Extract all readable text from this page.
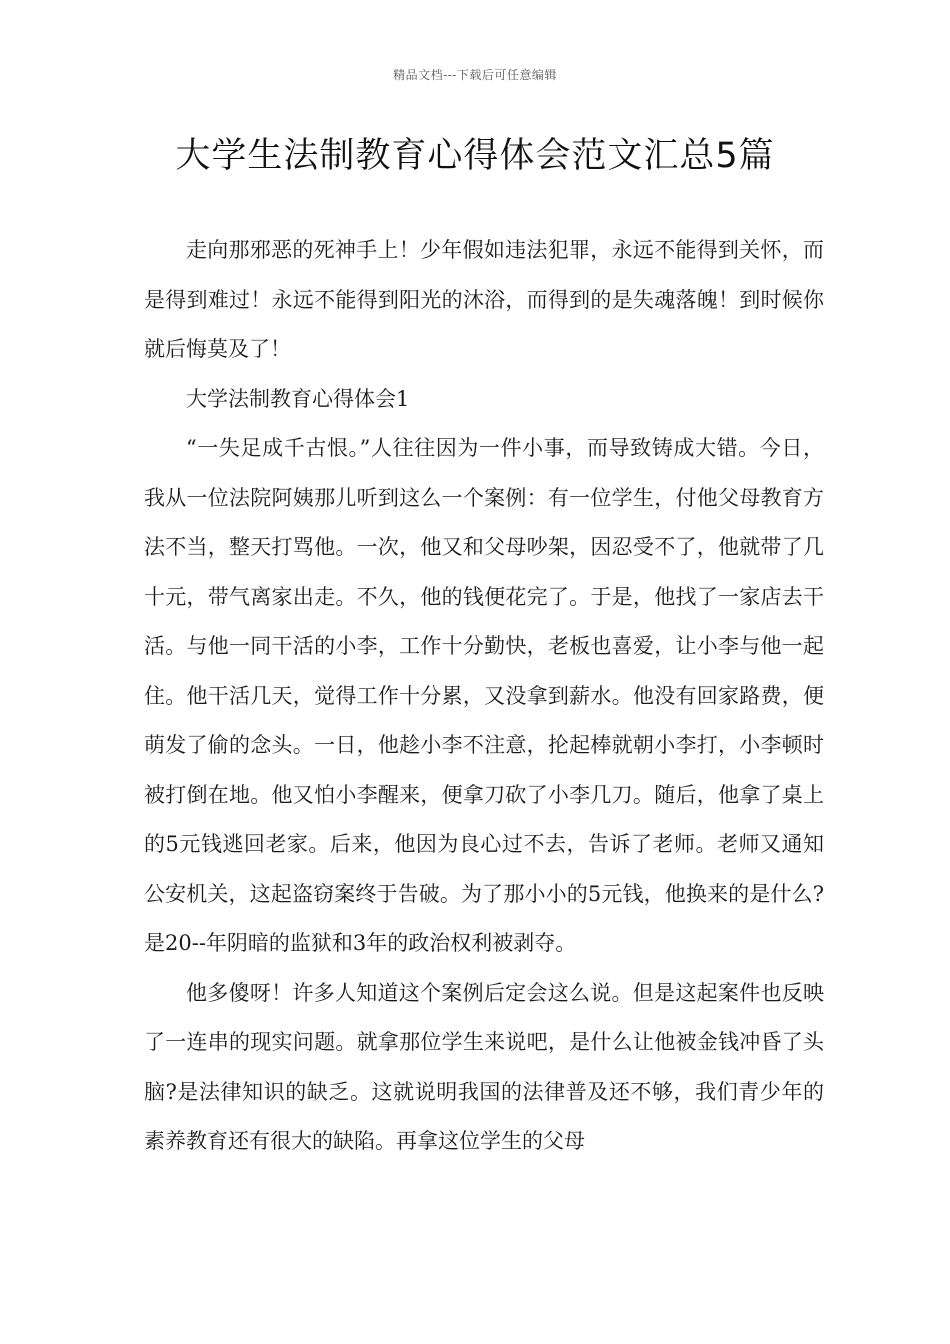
精品文档---下载后可任意编辑
大学生法制教育心得体会范文汇总5篇

走向那邪恶的死神手上！少年假如违法犯罪，永远不能得到关怀，而是得到难过！永远不能得到阳光的沐浴，而得到的是失魂落魄！到时候你就后悔莫及了！

大学法制教育心得体会1

“一失足成千古恨。”人往往因为一件小事，而导致铸成大错。今日，我从一位法院阿姨那儿听到这么一个案例：有一位学生，付他父母教育方法不当，整天打骂他。一次，他又和父母吵架，因忍受不了，他就带了几十元，带气离家出走。不久，他的钱便花完了。于是，他找了一家店去干活。与他一同干活的小李，工作十分勤快，老板也喜爱，让小李与他一起住。他干活几天，觉得工作十分累，又没拿到薪水。他没有回家路费，便萌发了偷的念头。一日，他趁小李不注意，抡起棒就朝小李打，小李顿时被打倒在地。他又怕小李醒来，便拿刀砍了小李几刀。随后，他拿了桌上的5元钱逃回老家。后来，他因为良心过不去，告诉了老师。老师又通知公安机关，这起盗窃案终于告破。为了那小小的5元钱，他换来的是什么?是20--年阴暗的监狱和3年的政治权利被剥夺。

他多傻呀！许多人知道这个案例后定会这么说。但是这起案件也反映了一连串的现实问题。就拿那位学生来说吧，是什么让他被金钱冲昏了头脑?是法律知识的缺乏。这就说明我国的法律普及还不够，我们青少年的素养教育还有很大的缺陷。再拿这位学生的父母
